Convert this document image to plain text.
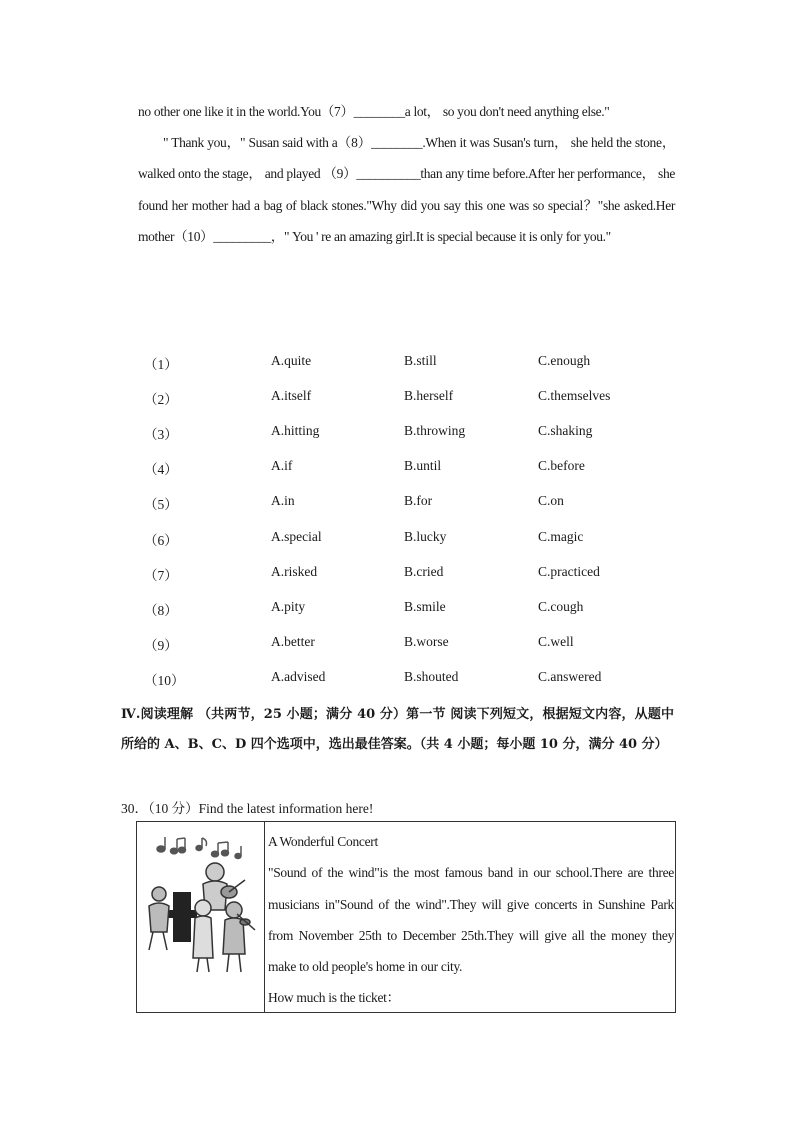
no other one like it in the world.You（7）________a lot， so you don't need anything else."
" Thank you，" Susan said with a（8）________.When it was Susan's turn， she held the stone， walked onto the stage， and played （9）__________than any time before.After her performance， she found her mother had a bag of black stones."Why did you say this one was so special？"she asked.Her mother（10）_________，" You ' re an amazing girl.It is special because it is only for you."
（1）	A.quite	B.still	C.enough
（2）	A.itself	B.herself	C.themselves
（3）	A.hitting	B.throwing	C.shaking
（4）	A.if	B.until	C.before
（5）	A.in	B.for	C.on
（6）	A.special	B.lucky	C.magic
（7）	A.risked	B.cried	C.practiced
（8）	A.pity	B.smile	C.cough
（9）	A.better	B.worse	C.well
（10）	A.advised	B.shouted	C.answered
Ⅳ.阅读理解 （共两节，25 小题；满分 40 分）第一节 阅读下列短文，根据短文内容，从题中所给的 A、B、C、D 四个选项中，选出最佳答案。（共 4 小题；每小题 10 分，满分 40 分）
30．（10 分）Find the latest information here!
A Wonderful Concert
"Sound of the wind"is the most famous band in our school.There are three musicians in"Sound of the wind".They will give concerts in Sunshine Park from November 25th to December 25th.They will give all the money they make to old people's home in our city.
How much is the ticket：
